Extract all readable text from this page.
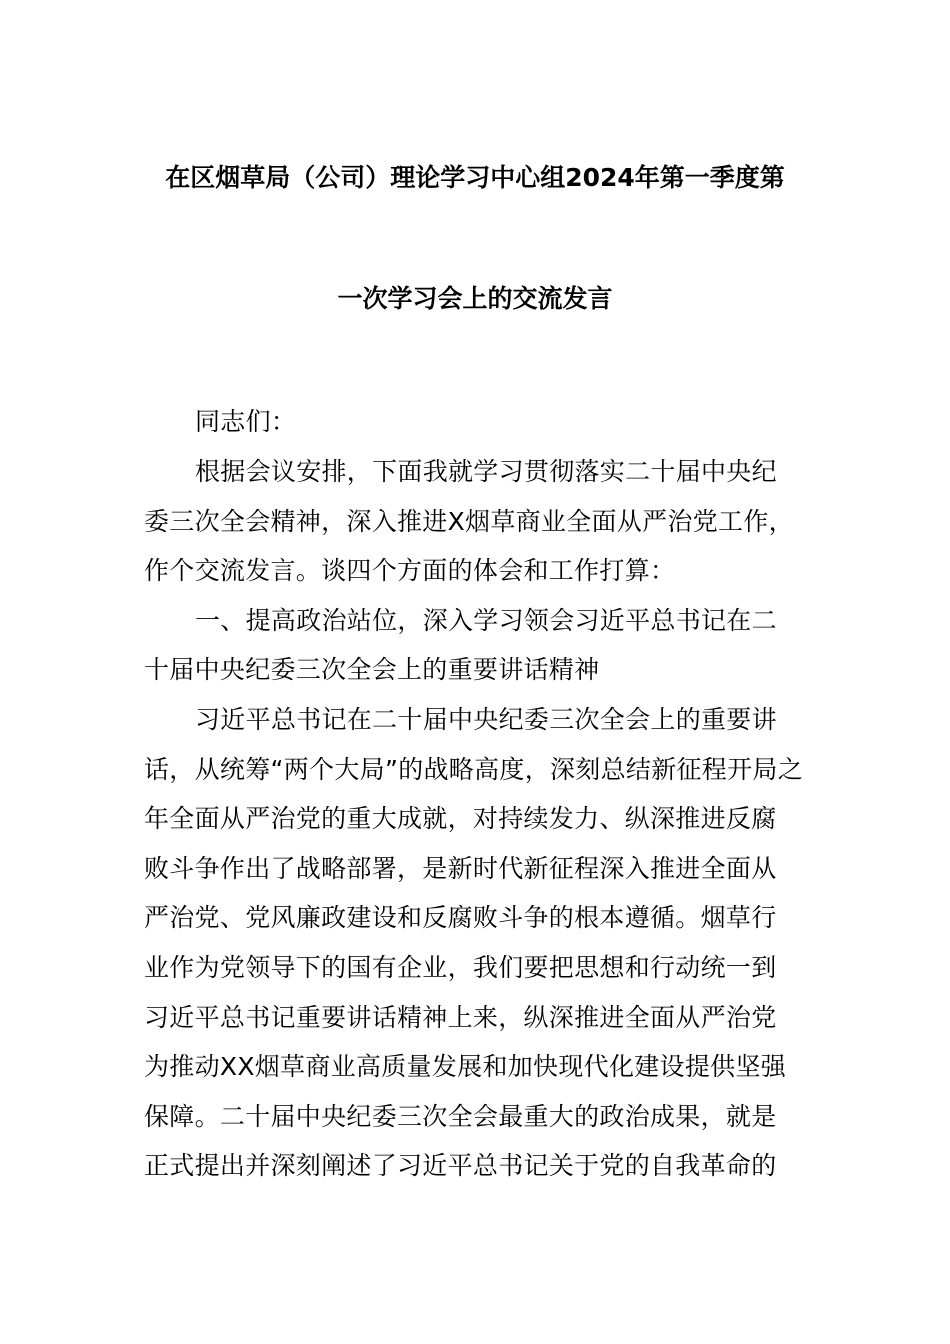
在区烟草局（公司）理论学习中心组2024年第一季度第
一次学习会上的交流发言
同志们：
根据会议安排，下面我就学习贯彻落实二十届中央纪
委三次全会精神，深入推进X烟草商业全面从严治党工作，
作个交流发言。谈四个方面的体会和工作打算：
一、提高政治站位，深入学习领会习近平总书记在二
十届中央纪委三次全会上的重要讲话精神
习近平总书记在二十届中央纪委三次全会上的重要讲
话，从统筹“两个大局”的战略高度，深刻总结新征程开局之
年全面从严治党的重大成就，对持续发力、纵深推进反腐
败斗争作出了战略部署，是新时代新征程深入推进全面从
严治党、党风廉政建设和反腐败斗争的根本遵循。烟草行
业作为党领导下的国有企业，我们要把思想和行动统一到
习近平总书记重要讲话精神上来，纵深推进全面从严治党
为推动XX烟草商业高质量发展和加快现代化建设提供坚强
保障。二十届中央纪委三次全会最重大的政治成果，就是
正式提出并深刻阐述了习近平总书记关于党的自我革命的
